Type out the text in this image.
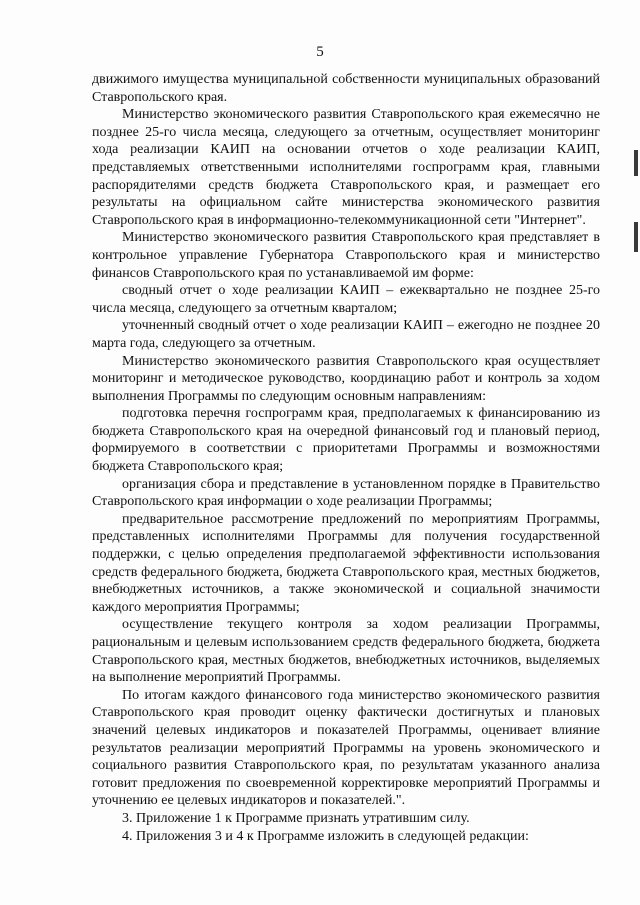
5

движимого имущества муниципальной собственности муниципальных образований Ставропольского края.

Министерство экономического развития Ставропольского края ежемесячно не позднее 25-го числа месяца, следующего за отчетным, осуществляет мониторинг хода реализации КАИП на основании отчетов о ходе реализации КАИП, представляемых ответственными исполнителями госпрограмм края, главными распорядителями средств бюджета Ставропольского края, и размещает его результаты на официальном сайте министерства экономического развития Ставропольского края в информационно-телекоммуникационной сети "Интернет".

Министерство экономического развития Ставропольского края представляет в контрольное управление Губернатора Ставропольского края и министерство финансов Ставропольского края по устанавливаемой им форме:

сводный отчет о ходе реализации КАИП – ежеквартально не позднее 25-го числа месяца, следующего за отчетным кварталом;

уточненный сводный отчет о ходе реализации КАИП – ежегодно не позднее 20 марта года, следующего за отчетным.

Министерство экономического развития Ставропольского края осуществляет мониторинг и методическое руководство, координацию работ и контроль за ходом выполнения Программы по следующим основным направлениям:

подготовка перечня госпрограмм края, предполагаемых к финансированию из бюджета Ставропольского края на очередной финансовый год и плановый период, формируемого в соответствии с приоритетами Программы и возможностями бюджета Ставропольского края;

организация сбора и представление в установленном порядке в Правительство Ставропольского края информации о ходе реализации Программы;

предварительное рассмотрение предложений по мероприятиям Программы, представленных исполнителями Программы для получения государственной поддержки, с целью определения предполагаемой эффективности использования средств федерального бюджета, бюджета Ставропольского края, местных бюджетов, внебюджетных источников, а также экономической и социальной значимости каждого мероприятия Программы;

осуществление текущего контроля за ходом реализации Программы, рациональным и целевым использованием средств федерального бюджета, бюджета Ставропольского края, местных бюджетов, внебюджетных источников, выделяемых на выполнение мероприятий Программы.

По итогам каждого финансового года министерство экономического развития Ставропольского края проводит оценку фактически достигнутых и плановых значений целевых индикаторов и показателей Программы, оценивает влияние результатов реализации мероприятий Программы на уровень экономического и социального развития Ставропольского края, по результатам указанного анализа готовит предложения по своевременной корректировке мероприятий Программы и уточнению ее целевых индикаторов и показателей.".

3. Приложение 1 к Программе признать утратившим силу.

4. Приложения 3 и 4 к Программе изложить в следующей редакции:
